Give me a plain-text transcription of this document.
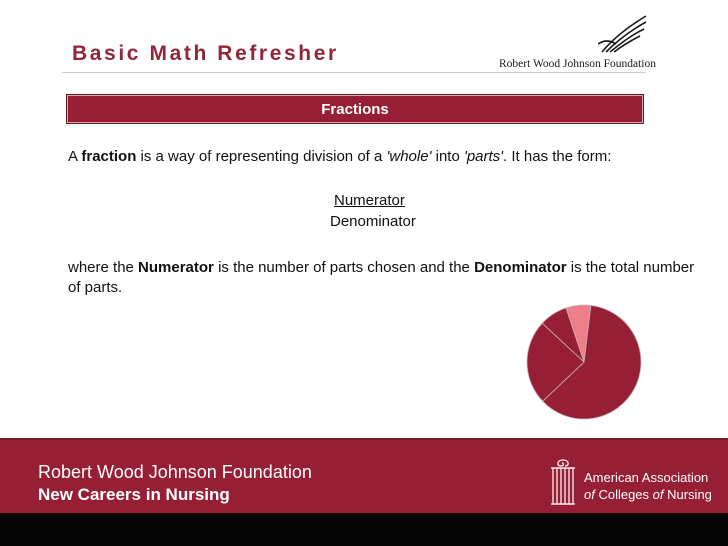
Basic Math Refresher	Robert Wood Johnson Foundation
Fractions

A fraction is a way of representing division of a 'whole' into 'parts'. It has the form:

Numerator
Denominator

where the Numerator is the number of parts chosen and the Denominator is the total number of parts.

Robert Wood Johnson Foundation
New Careers in Nursing
American Association
of Colleges of Nursing
